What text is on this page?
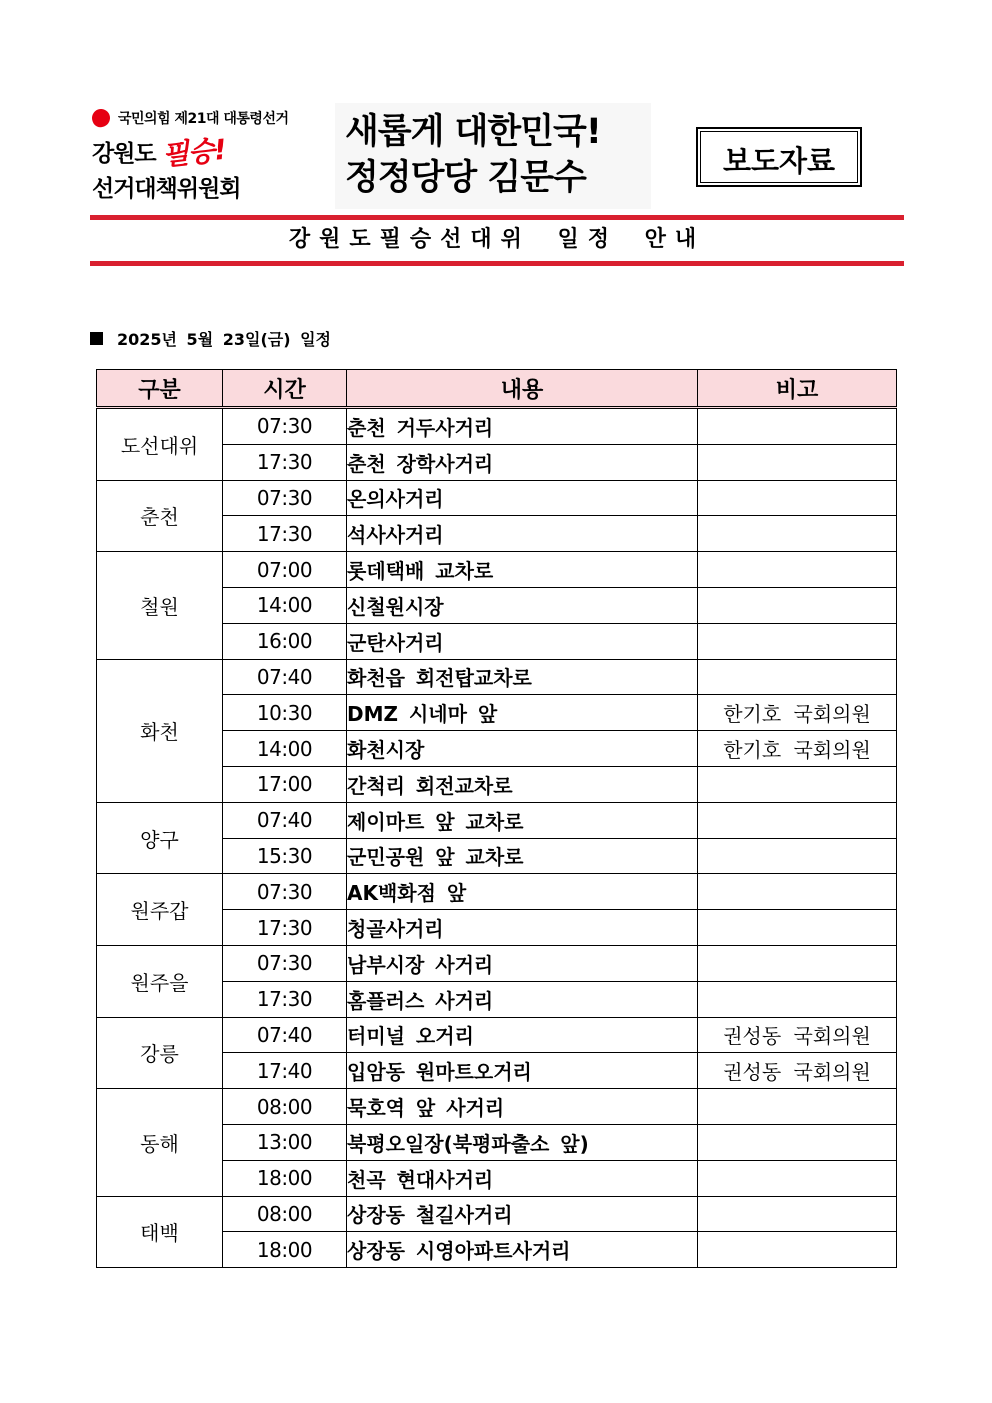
국민의힘 제21대 대통령선거
강원도 필승!
선거대책위원회
새롭게 대한민국!
정정당당 김문수	보도자료
강원도필승선대위 일정 안내
2025년 5월 23일(금) 일정
구분	시간	내용	비고
도선대위	07:30	춘천 거두사거리	
	17:30	춘천 장학사거리	
춘천	07:30	온의사거리	
	17:30	석사사거리	
철원	07:00	롯데택배 교차로	
	14:00	신철원시장	
	16:00	군탄사거리	
화천	07:40	화천읍 회전탑교차로	
	10:30	DMZ 시네마 앞	한기호 국회의원
	14:00	화천시장	한기호 국회의원
	17:00	간척리 회전교차로	
양구	07:40	제이마트 앞 교차로	
	15:30	군민공원 앞 교차로	
원주갑	07:30	AK백화점 앞	
	17:30	청골사거리	
원주을	07:30	남부시장 사거리	
	17:30	홈플러스 사거리	
강릉	07:40	터미널 오거리	권성동 국회의원
	17:40	입암동 원마트오거리	권성동 국회의원
동해	08:00	묵호역 앞 사거리	
	13:00	북평오일장(북평파출소 앞)	
	18:00	천곡 현대사거리	
태백	08:00	상장동 철길사거리	
	18:00	상장동 시영아파트사거리	
